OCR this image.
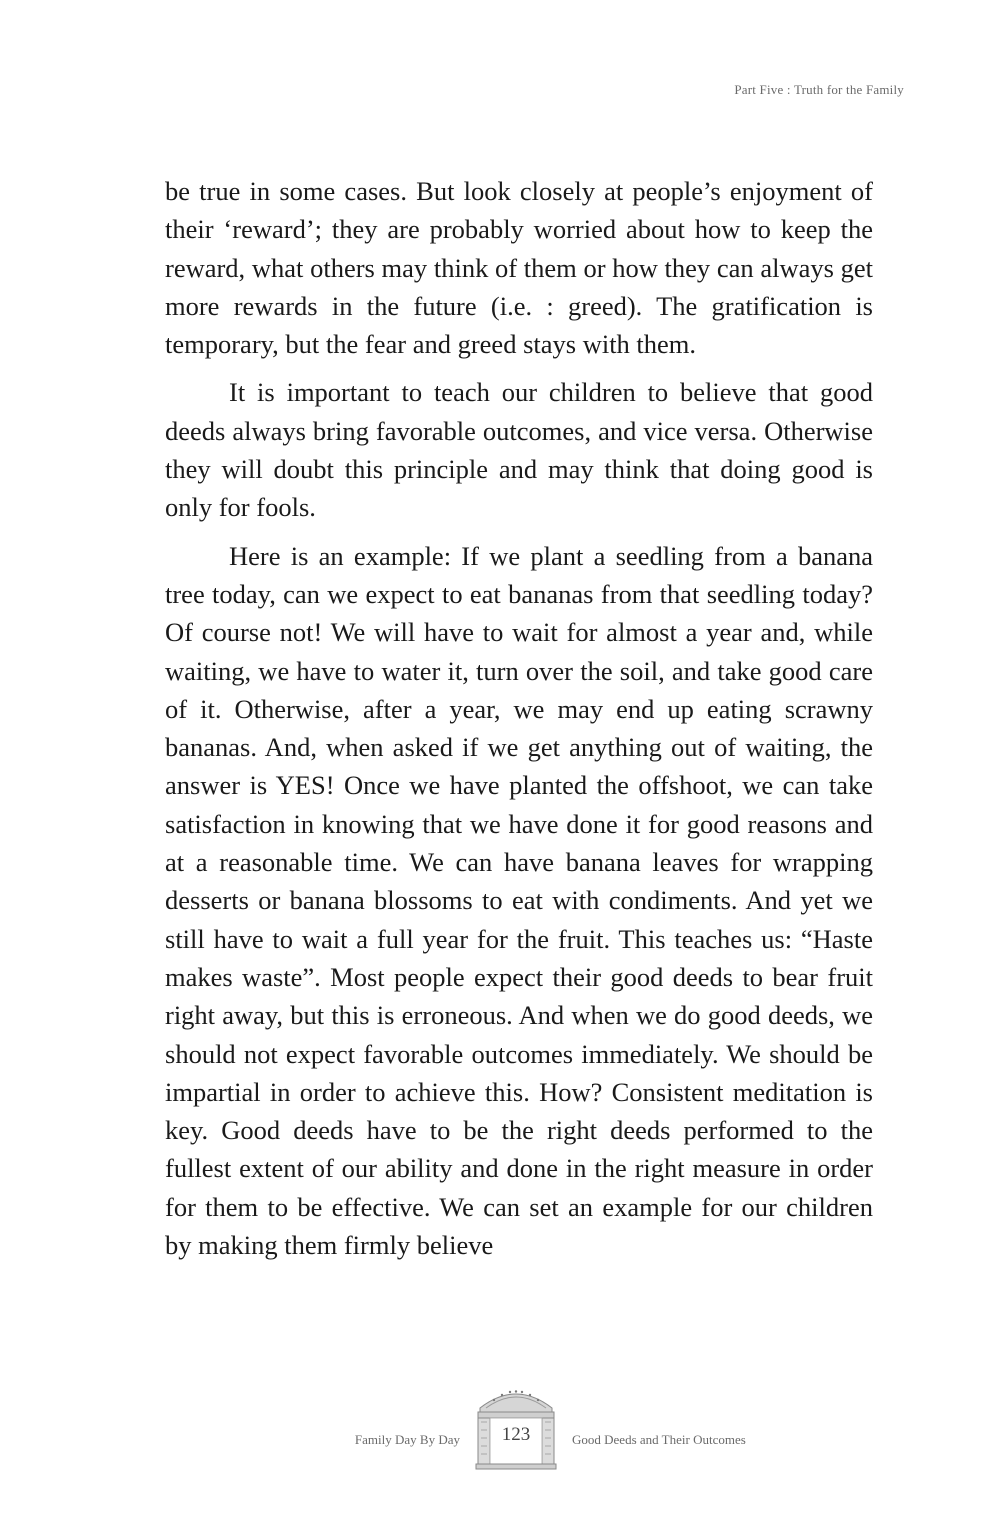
Part Five : Truth for the Family

be true in some cases. But look closely at people’s enjoyment of their ‘reward’; they are probably worried about how to keep the reward, what others may think of them or how they can always get more rewards in the future (i.e. : greed). The gratification is temporary, but the fear and greed stays with them.

It is important to teach our children to believe that good deeds always bring favorable outcomes, and vice versa. Otherwise they will doubt this principle and may think that doing good is only for fools.

Here is an example: If we plant a seedling from a banana tree today, can we expect to eat bananas from that seedling today? Of course not! We will have to wait for almost a year and, while waiting, we have to water it, turn over the soil, and take good care of it. Otherwise, after a year, we may end up eating scrawny bananas. And, when asked if we get anything out of waiting, the answer is YES! Once we have planted the offshoot, we can take satisfaction in knowing that we have done it for good reasons and at a reasonable time. We can have banana leaves for wrapping desserts or banana blossoms to eat with condiments. And yet we still have to wait a full year for the fruit. This teaches us: “Haste makes waste”. Most people expect their good deeds to bear fruit right away, but this is erroneous. And when we do good deeds, we should not expect favorable outcomes immediately. We should be impartial in order to achieve this. How? Consistent meditation is key. Good deeds have to be the right deeds performed to the fullest extent of our ability and done in the right measure in order for them to be effective. We can set an example for our children by making them firmly believe

Family Day By Day	123	Good Deeds and Their Outcomes
